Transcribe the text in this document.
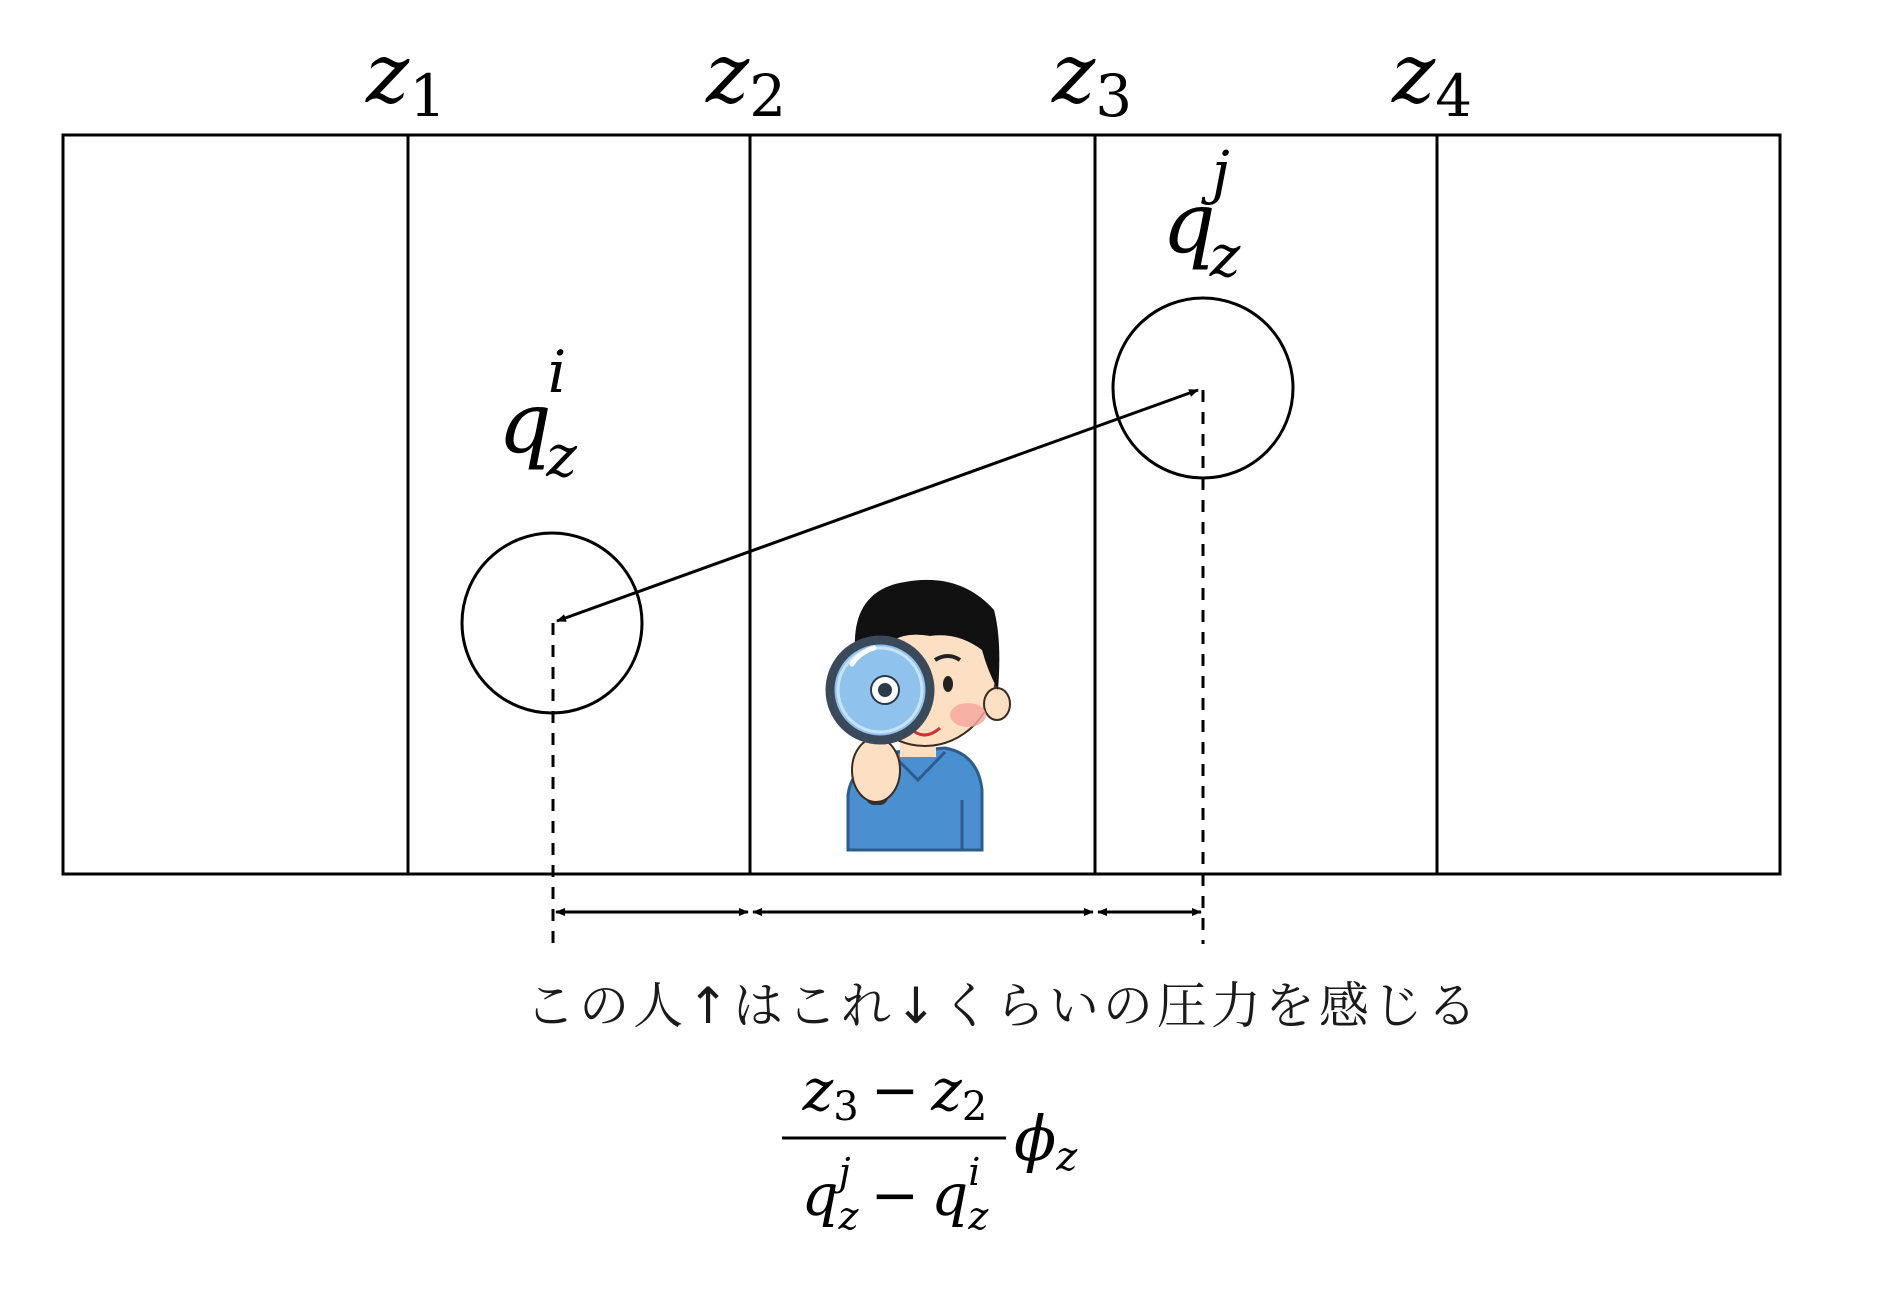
z1	z2	z3	z4
qi z
qj z
この人↑はこれ↓くらいの圧力を感じる
z3 − z2
qj z − qi z
ϕz
